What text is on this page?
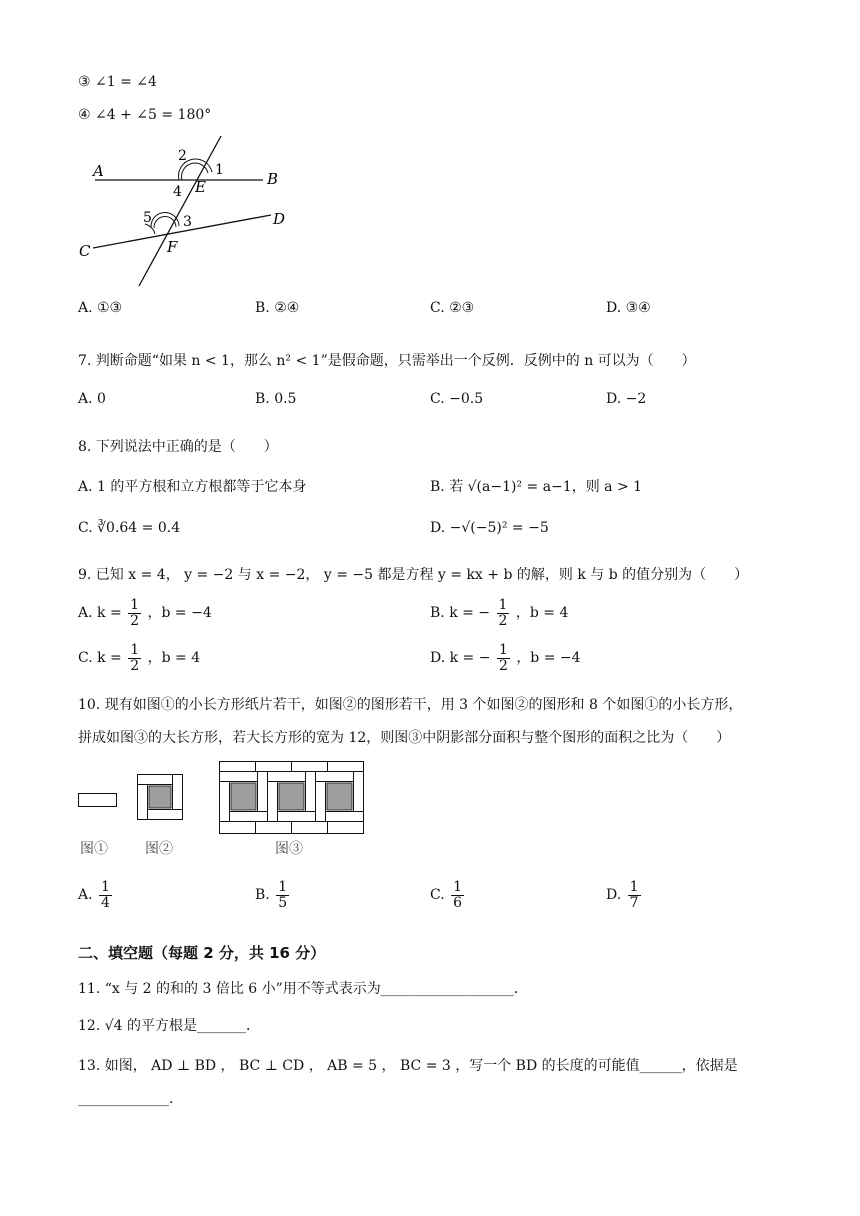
③ ∠1 = ∠4
④ ∠4 + ∠5 = 180°
A	B
C
D
E
F
1
2
3
4
5
A. ①③	B. ②④	C. ②③	D. ③④
7. 判断命题“如果 n < 1，那么 n² < 1”是假命题，只需举出一个反例．反例中的 n 可以为（　　）
A. 0	B. 0.5	C. −0.5	D. −2
8. 下列说法中正确的是（　　）
A. 1 的平方根和立方根都等于它本身	B. 若 √(a−1)² = a−1，则 a > 1
C. ∛0.64 = 0.4	D. −√(−5)² = −5
9. 已知 x = 4， y = −2 与 x = −2， y = −5 都是方程 y = kx + b 的解，则 k 与 b 的值分别为（　　）
A. $k = \frac{1}{2}$ ，b = −4	B. k = − $\frac{1}{2}$ ，b = 4
C. $k = \frac{1}{2}$ ，b = 4	D. k = − $\frac{1}{2}$ ，b = −4
10. 现有如图①的小长方形纸片若干，如图②的图形若干，用 3 个如图②的图形和 8 个如图①的小长方形，
拼成如图③的大长方形，若大长方形的宽为 12，则图③中阴影部分面积与整个图形的面积之比为（　　）
图①	图②	图③
A. $\frac{1}{4}$	B. $\frac{1}{5}$	C. $\frac{1}{6}$	D. $\frac{1}{7}$
二、填空题（每题 2 分，共 16 分）
11. “x 与 2 的和的 3 倍比 6 小”用不等式表示为___________________．
12. √4 的平方根是_______．
13. 如图， AD ⊥ BD ， BC ⊥ CD ， AB = 5 ， BC = 3 ，写一个 BD 的长度的可能值______，依据是
_____________．
